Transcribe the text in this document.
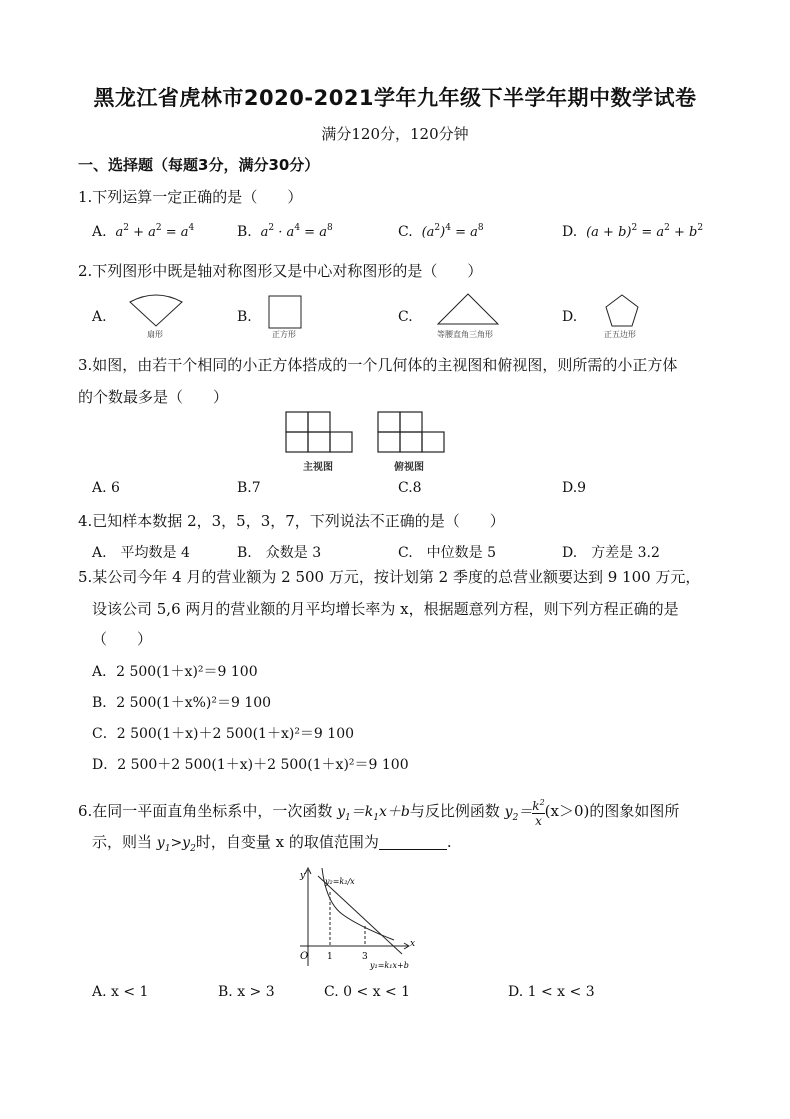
黑龙江省虎林市2020-2021学年九年级下半学年期中数学试卷
满分120分，120分钟
一、选择题（每题3分，满分30分）
1.下列运算一定正确的是（　　）
A. $a^2 + a^2 = a^4$	B. $a^2 \cdot a^4 = a^8$	C. $(a^2)^4 = a^8$	D. $(a + b)^2 = a^2 + b^2$
2.下列图形中既是轴对称图形又是中心对称图形的是（　　）
A.	B.	C.	D.
扇形	正方形	等腰直角三角形	正五边形
3.如图，由若干个相同的小正方体搭成的一个几何体的主视图和俯视图，则所需的小正方体
的个数最多是（　　）
主视图	俯视图
A. 6	B.7	C.8	D.9
4.已知样本数据 2，3，5，3，7，下列说法不正确的是（　　）
A.　平均数是 4	B.　众数是 3	C.　中位数是 5	D.　方差是 3.2
5.某公司今年 4 月的营业额为 2 500 万元，按计划第 2 季度的总营业额要达到 9 100 万元，
设该公司 5,6 两月的营业额的月平均增长率为 x，根据题意列方程，则下列方程正确的是
（　　）
A．2 500(1＋x)²＝9 100
B．2 500(1＋x%)²＝9 100
C．2 500(1＋x)＋2 500(1＋x)²＝9 100
D．2 500＋2 500(1＋x)＋2 500(1＋x)²＝9 100
6.在同一平面直角坐标系中，一次函数 $y_1=k_1x+b$与反比例函数 $y_2= \frac{k^2}{x} (x>0)$的图象如图所
示，则当 $y_1>y_2$时，自变量 x 的取值范围为	.
y
x
O 1	3
y₂=k₂/x
y₁=k₁x+b
A. x < 1	B. x > 3	C. 0 < x < 1	D. 1 < x < 3
